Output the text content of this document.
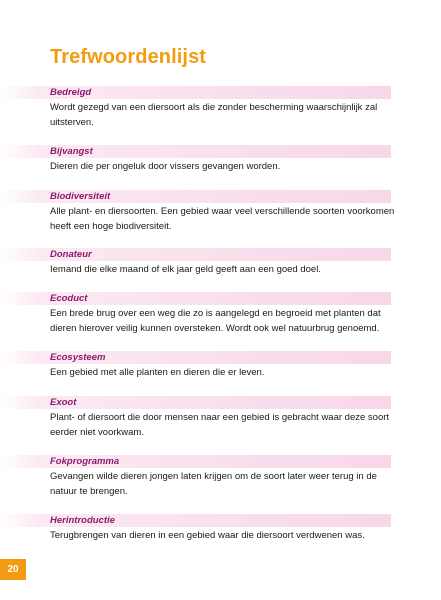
Trefwoordenlijst
Bedreigd
Wordt gezegd van een diersoort als die zonder bescherming waarschijnlijk zal uitsterven.
Bijvangst
Dieren die per ongeluk door vissers gevangen worden.
Biodiversiteit
Alle plant- en diersoorten. Een gebied waar veel verschillende soorten voorkomen heeft een hoge biodiversiteit.
Donateur
Iemand die elke maand of elk jaar geld geeft aan een goed doel.
Ecoduct
Een brede brug over een weg die zo is aangelegd en begroeid met planten dat dieren hierover veilig kunnen oversteken. Wordt ook wel natuurbrug genoemd.
Ecosysteem
Een gebied met alle planten en dieren die er leven.
Exoot
Plant- of diersoort die door mensen naar een gebied is gebracht waar deze soort eerder niet voorkwam.
Fokprogramma
Gevangen wilde dieren jongen laten krijgen om de soort later weer terug in de natuur te brengen.
Herintroductie
Terugbrengen van dieren in een gebied waar die diersoort verdwenen was.
20
